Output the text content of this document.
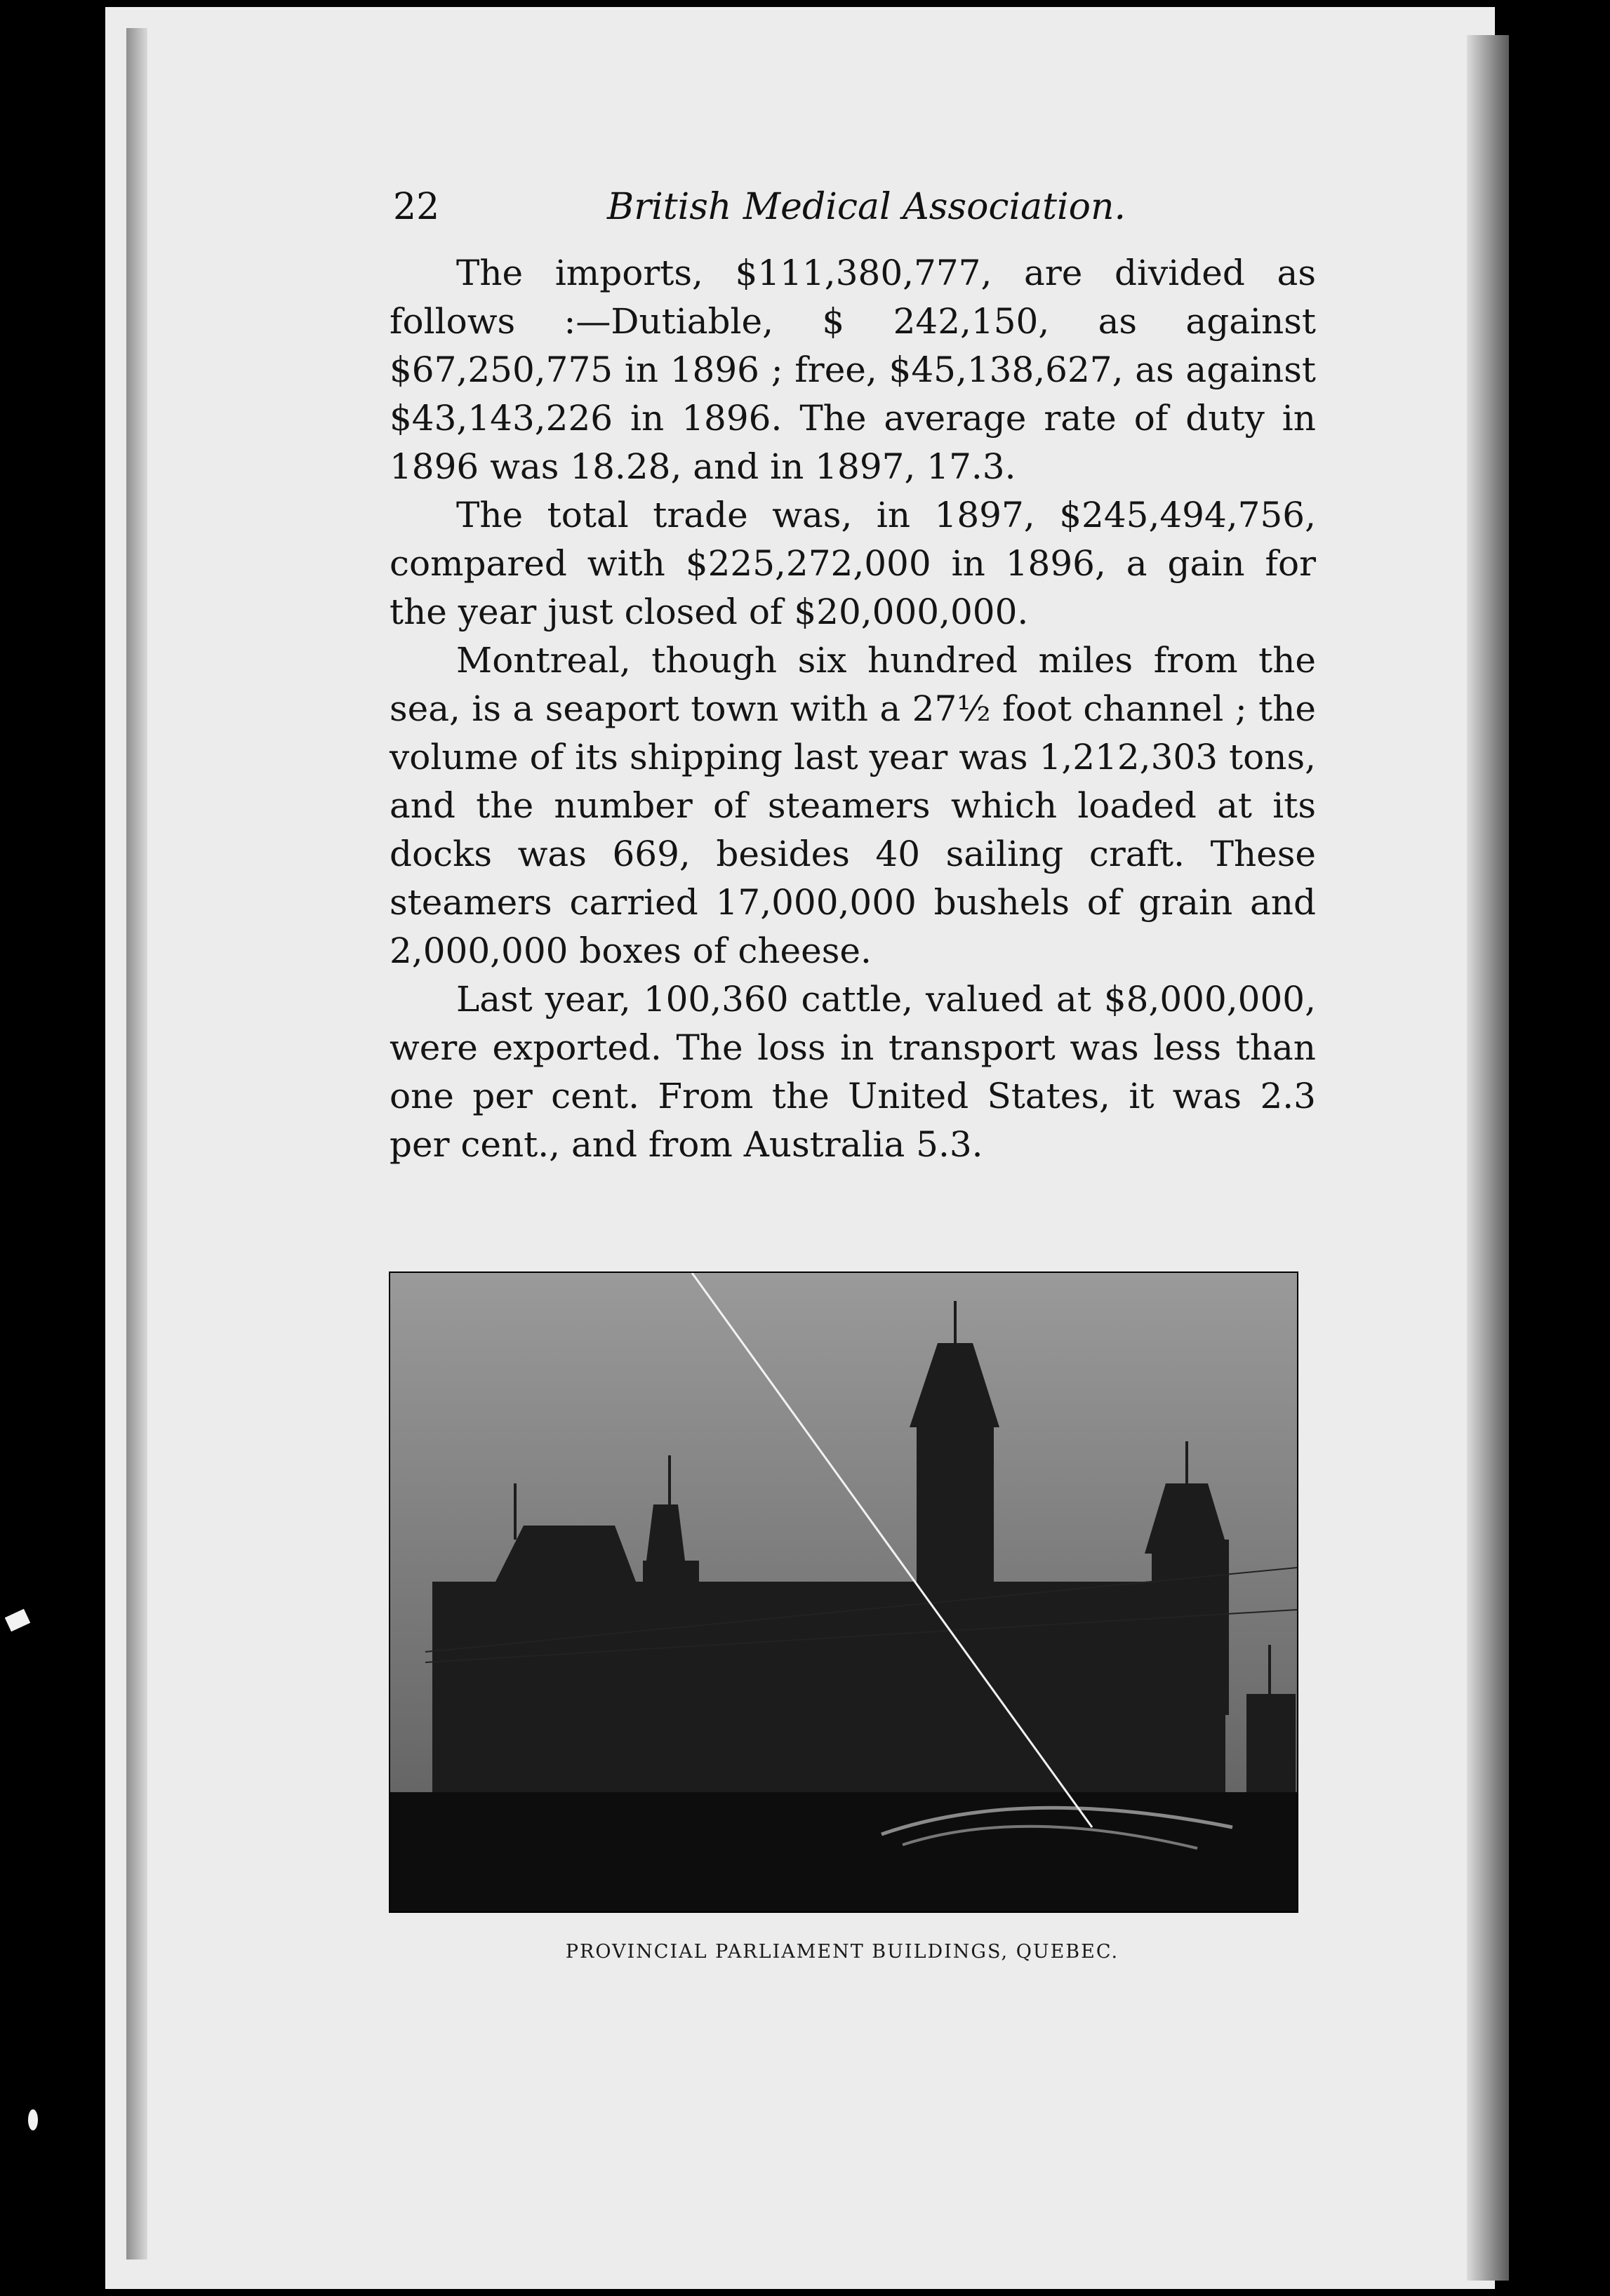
22	British Medical Association.

The imports, $111,380,777, are divided as follows :—Dutiable, $ 242,150, as against $67,250,775 in 1896 ; free, $45,138,627, as against $43,143,226 in 1896. The average rate of duty in 1896 was 18.28, and in 1897, 17.3.

The total trade was, in 1897, $245,494,756, compared with $225,272,000 in 1896, a gain for the year just closed of $20,000,000.

Montreal, though six hundred miles from the sea, is a seaport town with a 27½ foot channel ; the volume of its shipping last year was 1,212,303 tons, and the number of steamers which loaded at its docks was 669, besides 40 sailing craft. These steamers carried 17,000,000 bushels of grain and 2,000,000 boxes of cheese.

Last year, 100,360 cattle, valued at $8,000,000, were exported. The loss in transport was less than one per cent. From the United States, it was 2.3 per cent., and from Australia 5.3.

PROVINCIAL PARLIAMENT BUILDINGS, QUEBEC.
